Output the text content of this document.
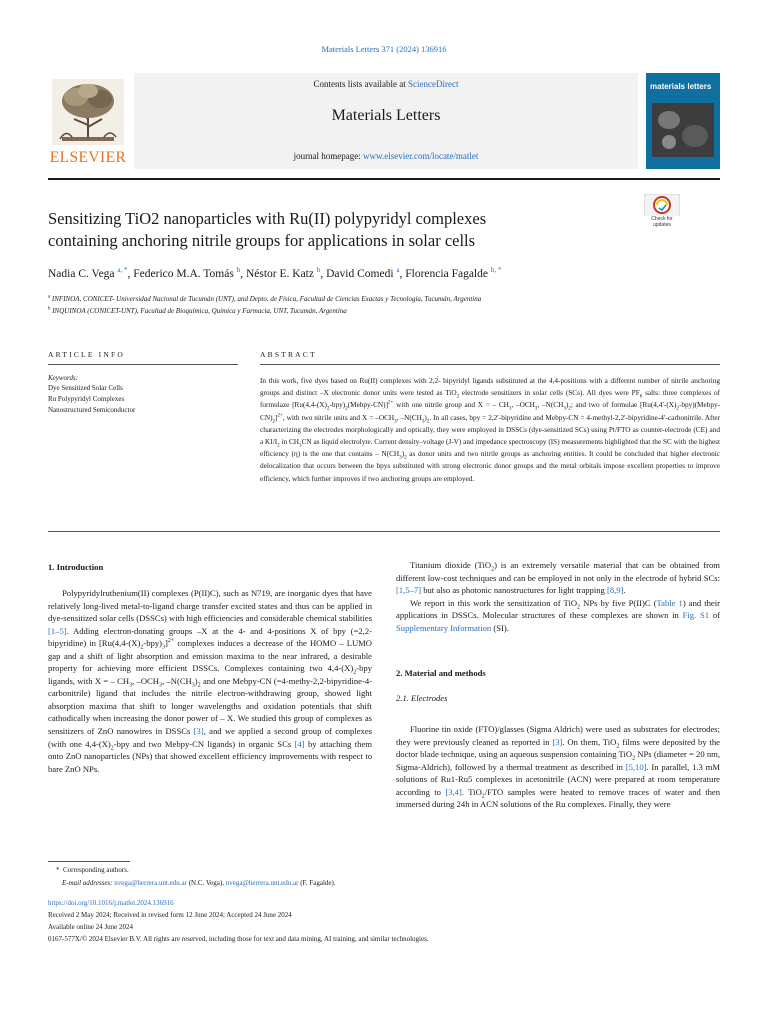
Materials Letters 371 (2024) 136916
ELSEVIER
Contents lists available at ScienceDirect
Materials Letters
journal homepage: www.elsevier.com/locate/matlet
materials letters
Sensitizing TiO2 nanoparticles with Ru(II) polypyridyl complexes
containing anchoring nitrile groups for applications in solar cells
Check for updates
Nadia C. Vega $^{a, *}$, Federico M.A. Tomás $^b$, Néstor E. Katz $^b$, David Comedi $^a$, Florencia Fagalde $^{b, *}$
$^a$ INFINOA, CONICET- Universidad Nacional de Tucumán (UNT), and Depto. de Física, Facultad de Ciencias Exactas y Tecnología, Tucumán, Argentina
$^b$ INQUINOA (CONICET-UNT), Facultad de Bioquímica, Química y Farmacia, UNT, Tucumán, Argentina
ARTICLE INFO
Keywords:
Dye Sensitized Solar Cells
Ru Polypyridyl Complexes
Nanostructured Semiconductor
ABSTRACT
In this work, five dyes based on Ru(II) complexes with 2,2́- bipyridyl ligands substituted at the 4,4-positions with a different number of nitrile anchoring groups and distinct –X electronic donor units were tested as TiO$_2$ electrode sensitizers in solar cells (SCs). All dyes were $PF_6$ salts: three complexes of formulaze $[Ru(4,4-(X)_2-bpy)_2(Mebpy-CN)]^{2+}$ with one nitrile group and X = – $CH_3$, $-OCH_3$, $-N(CH_3)_2$; and two of formulae $[Ru(4,4'-(X)_2-bpy)(Mebpy-CN)_2]^{2+}$, with two nitrile units and $X = -OCH_3$, $-N(CH_3)_2$. In all cases, bpy = 2,2′-bipyridine and Mebpy-CN = 4-methyl-2,2′-bipyridine-4′-carbonitrile. After characterizing the electrodes morphologically and optically, they were employed in DSSCs (dye-sensitized SCs) using Pt/FTO as counter-electrode (CE) and a $KI/I_2$ in $CH_3CN$ as liquid electrolyte. Current density–voltage (J-V) and impedance spectroscopy (IS) measurements highlighted that the SC with the highest efficiency (η) is the one that contains – $N(CH_3)_2$ as donor units and two nitrile groups as anchoring entities. It could be concluded that higher electronic delocalization that occurs between the bpys substituted with strong electronic donor groups and the metal orbitals impose excellent properties to improve efficiency, which further improves if two anchoring groups are employed.
1. Introduction

Polypyridylruthenium(II) complexes (P(II)C), such as N719, are inorganic dyes that have relatively long-lived metal-to-ligand charge transfer excited states and thus can be applied in dye-sensitized solar cells (DSSCs) with high efficiencies and considerable chemical stabilities [1–5]. Adding electron-donating groups –X at the 4- and 4-positions X of bpy (=2,2-bipyridine) in $[Ru(4,4-(X)_2-bpy)_3]^{2+}$ complexes induces a decrease of the HOMO – LUMO gap and a shift of light absorption and emission maxima to the near infrared, a desirable property for achieving more efficient DSSCs. Complexes containing two $4,4-(X)_2$-bpy ligands, with X = – $CH_3$, $-OCH_3$, $-N(CH_3)_2$ and one Mebpy-CN (=4-methy-2,2-bipyridine-4-carbonitrile) ligand that includes the nitrile electron-withdrawing group, showed light absorption maxima that shift to longer wavelengths and oxidation potentials that shift cathodically when increasing the donor power of – X. We studied this group of complexes as sensitizers of ZnO nanowires in DSSCs [3], and we applied a second group of complexes (with one $4,4-(X)_2$-bpy and two Mebpy-CN ligands) in organic SCs [4] by attaching them onto ZnO nanoparticles (NPs) that showed excellent efficiency improvements with respect to bare ZnO NPs.

Titanium dioxide (TiO$_2$) is an extremely versatile material that can be obtained from different low-cost techniques and can be employed in not only in the electrode of hybrid SCs: [1,5–7] but also as photonic nanostructures for light trapping [8,9].

We report in this work the sensitization of TiO$_2$ NPs by five P(II)C (Table 1) and their applications in DSSCs. Molecular structures of these complexes are shown in Fig. S1 of Supplementary Information (SI).

2. Material and methods
2.1. Electrodes

Fluorine tin oxide (FTO)/glasses (Sigma Aldrich) were used as substrates for electrodes; they were previously cleaned as reported in [3]. On them, TiO$_2$ films were deposited by the doctor blade technique, using an aqueous suspension containing TiO$_2$ NPs (diameter = 20 nm, Sigma-Aldrich), followed by a thermal treatment as described in [5,10]. In parallel, 1.3 mM solutions of Ru1-Ru5 complexes in acetonitrile (ACN) were prepared at room temperature according to [3,4]. TiO$_2$/FTO samples were heated to remove traces of water and then immersed during 24h in ACN solutions of the Ru complexes. Finally, they were

* Corresponding authors.
E-mail addresses: nvega@herrera.unt.edu.ar (N.C. Vega), nvega@herrera.unt.edu.ar (F. Fagalde).
https://doi.org/10.1016/j.matlet.2024.136916
Received 2 May 2024; Received in revised form 12 June 2024; Accepted 24 June 2024
Available online 24 June 2024
0167-577X/© 2024 Elsevier B.V. All rights are reserved, including those for text and data mining, AI training, and similar technologies.
